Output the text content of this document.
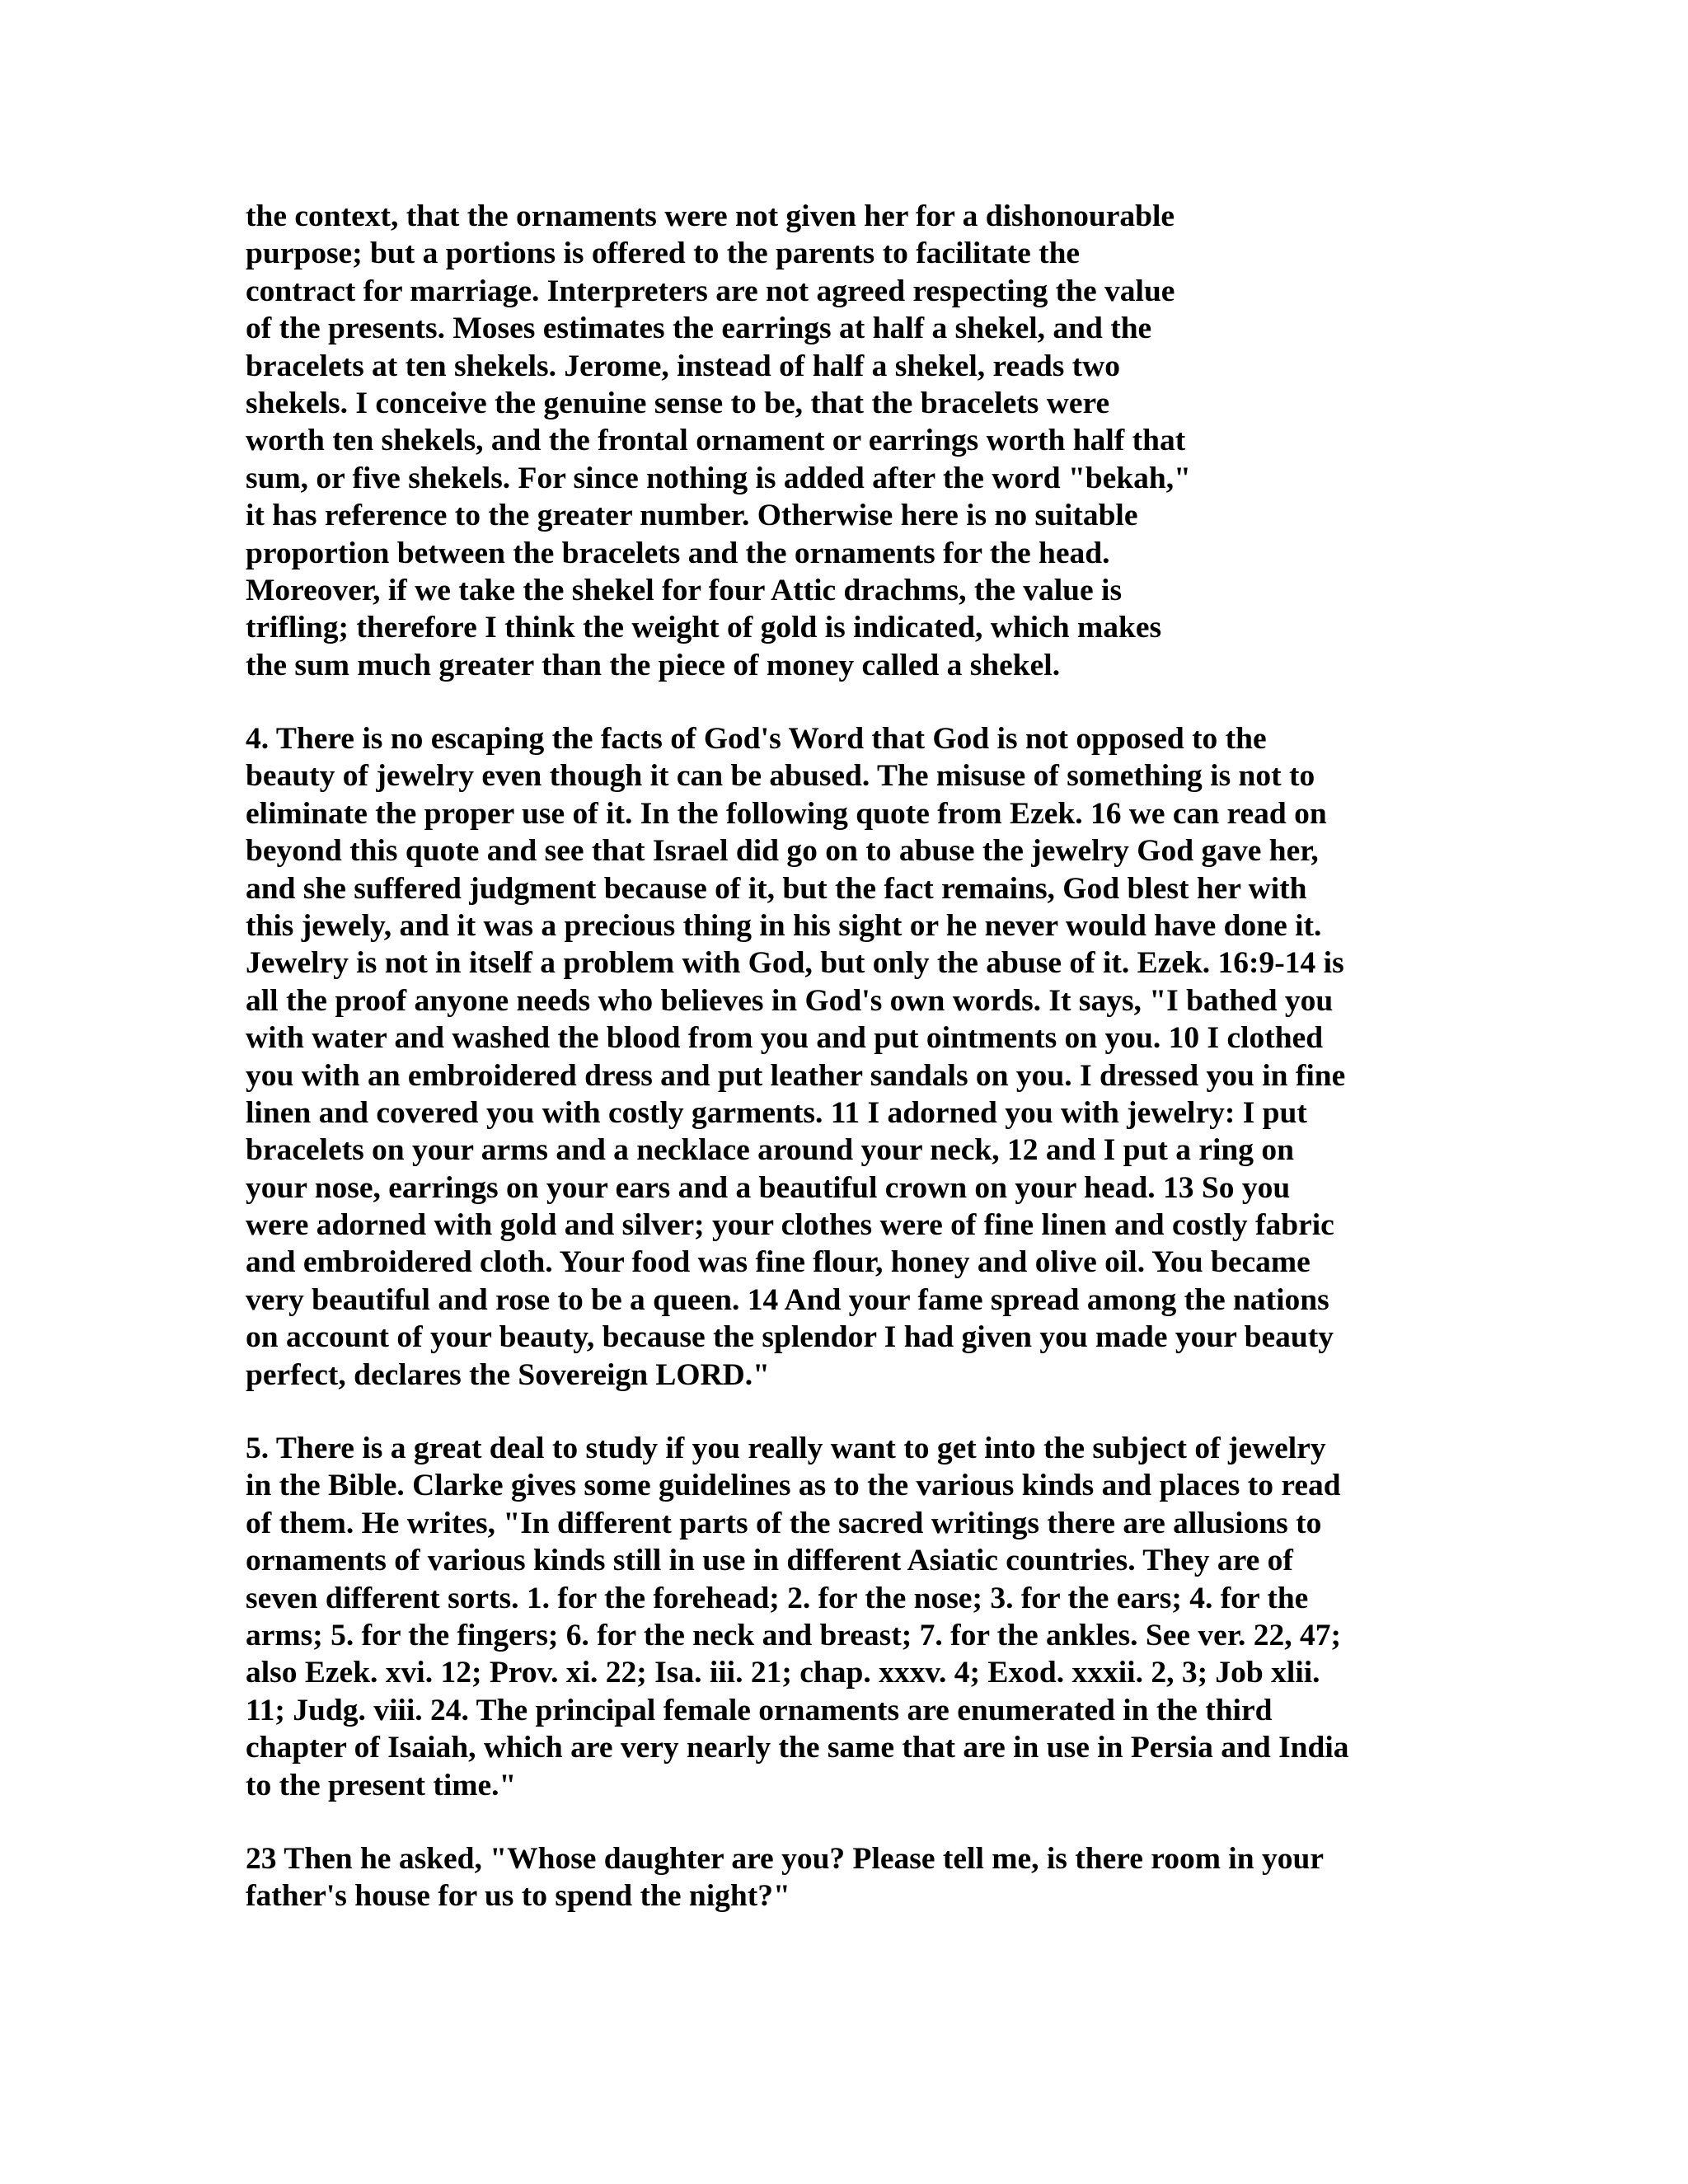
the context, that the ornaments were not given her for a dishonourable
purpose; but a portions is offered to the parents to facilitate the
contract for marriage. Interpreters are not agreed respecting the value
of the presents. Moses estimates the earrings at half a shekel, and the
bracelets at ten shekels. Jerome, instead of half a shekel, reads two
shekels. I conceive the genuine sense to be, that the bracelets were
worth ten shekels, and the frontal ornament or earrings worth half that
sum, or five shekels. For since nothing is added after the word "bekah,"
it has reference to the greater number. Otherwise here is no suitable
proportion between the bracelets and the ornaments for the head.
Moreover, if we take the shekel for four Attic drachms, the value is
trifling; therefore I think the weight of gold is indicated, which makes
the sum much greater than the piece of money called a shekel.
4. There is no escaping the facts of God's Word that God is not opposed to the
beauty of jewelry even though it can be abused. The misuse of something is not to
eliminate the proper use of it. In the following quote from Ezek. 16 we can read on
beyond this quote and see that Israel did go on to abuse the jewelry God gave her,
and she suffered judgment because of it, but the fact remains, God blest her with
this jewely, and it was a precious thing in his sight or he never would have done it.
Jewelry is not in itself a problem with God, but only the abuse of it. Ezek. 16:9-14 is
all the proof anyone needs who believes in God's own words. It says, "I bathed you
with water and washed the blood from you and put ointments on you. 10 I clothed
you with an embroidered dress and put leather sandals on you. I dressed you in fine
linen and covered you with costly garments. 11 I adorned you with jewelry: I put
bracelets on your arms and a necklace around your neck, 12 and I put a ring on
your nose, earrings on your ears and a beautiful crown on your head. 13 So you
were adorned with gold and silver; your clothes were of fine linen and costly fabric
and embroidered cloth. Your food was fine flour, honey and olive oil. You became
very beautiful and rose to be a queen. 14 And your fame spread among the nations
on account of your beauty, because the splendor I had given you made your beauty
perfect, declares the Sovereign LORD."
5. There is a great deal to study if you really want to get into the subject of jewelry
in the Bible. Clarke gives some guidelines as to the various kinds and places to read
of them. He writes, "In different parts of the sacred writings there are allusions to
ornaments of various kinds still in use in different Asiatic countries. They are of
seven different sorts. 1. for the forehead; 2. for the nose; 3. for the ears; 4. for the
arms; 5. for the fingers; 6. for the neck and breast; 7. for the ankles. See ver. 22, 47;
also Ezek. xvi. 12; Prov. xi. 22; Isa. iii. 21; chap. xxxv. 4; Exod. xxxii. 2, 3; Job xlii.
11; Judg. viii. 24. The principal female ornaments are enumerated in the third
chapter of Isaiah, which are very nearly the same that are in use in Persia and India
to the present time."
23 Then he asked, "Whose daughter are you? Please tell me, is there room in your
father's house for us to spend the night?"
